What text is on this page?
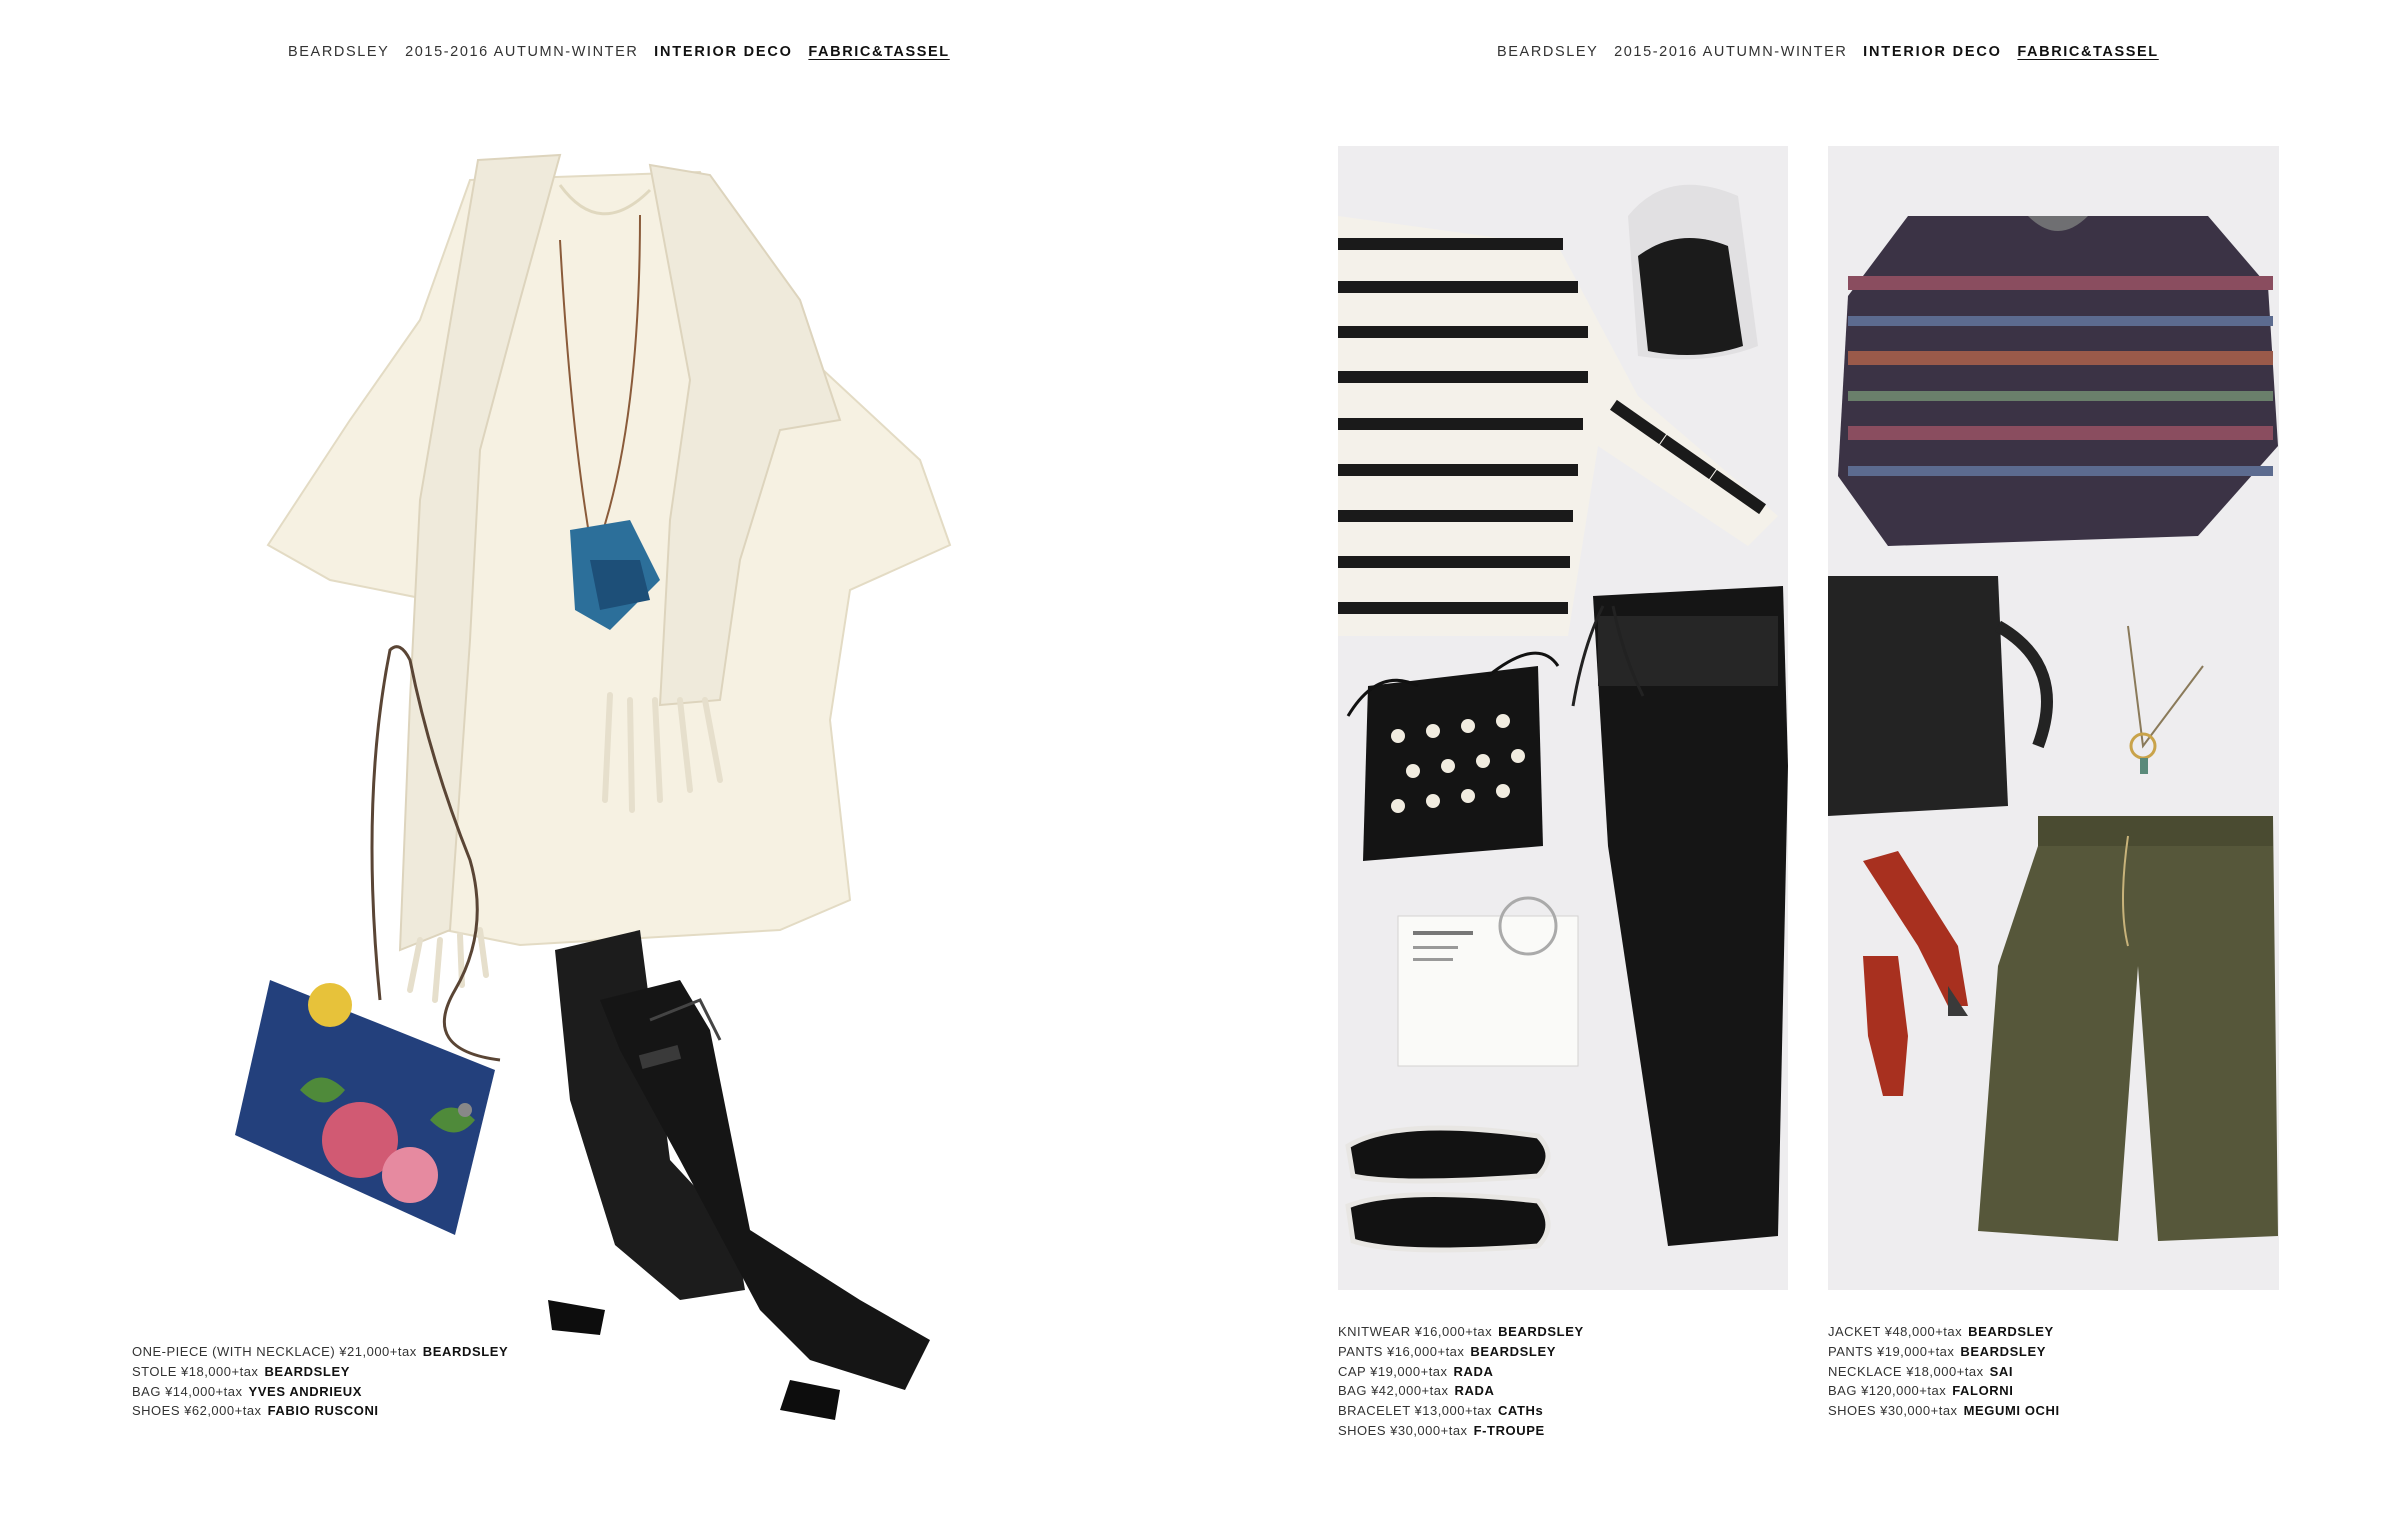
BEARDSLEY 2015-2016 AUTUMN-WINTER INTERIOR DECO FABRIC&TASSEL	BEARDSLEY 2015-2016 AUTUMN-WINTER INTERIOR DECO FABRIC&TASSEL
ONE-PIECE (WITH NECKLACE) ¥21,000+tax BEARDSLEY
STOLE ¥18,000+tax BEARDSLEY
BAG ¥14,000+tax YVES ANDRIEUX
SHOES ¥62,000+tax FABIO RUSCONI
KNITWEAR ¥16,000+tax BEARDSLEY
PANTS ¥16,000+tax BEARDSLEY
CAP ¥19,000+tax RADA
BAG ¥42,000+tax RADA
BRACELET ¥13,000+tax CATHs
SHOES ¥30,000+tax F-TROUPE
JACKET ¥48,000+tax BEARDSLEY
PANTS ¥19,000+tax BEARDSLEY
NECKLACE ¥18,000+tax SAI
BAG ¥120,000+tax FALORNI
SHOES ¥30,000+tax MEGUMI OCHI
